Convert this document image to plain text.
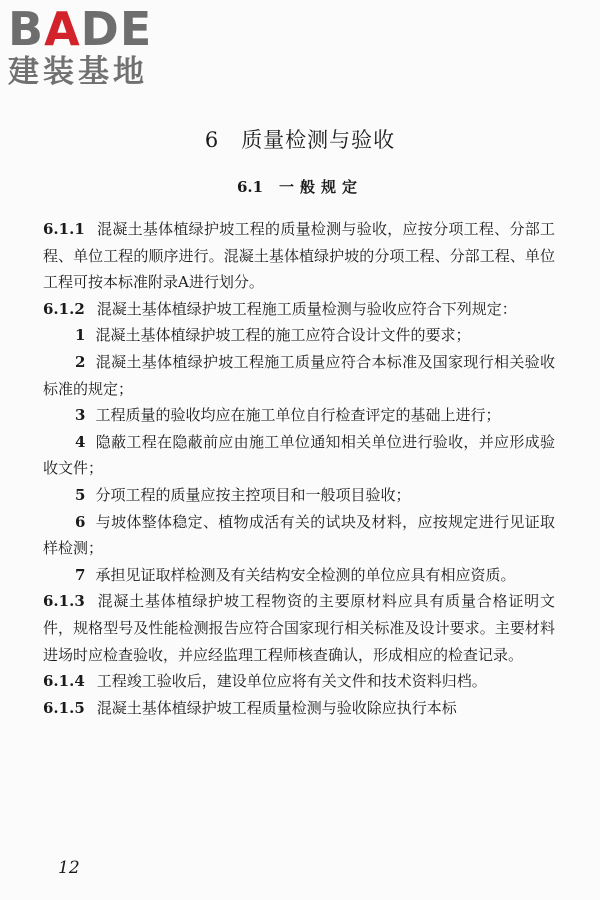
BADE
建装基地
6 质量检测与验收
6.1 一般规定

6.1.1 混凝土基体植绿护坡工程的质量检测与验收，应按分项工程、分部工程、单位工程的顺序进行。混凝土基体植绿护坡的分项工程、分部工程、单位工程可按本标准附录A进行划分。

6.1.2 混凝土基体植绿护坡工程施工质量检测与验收应符合下列规定：

1 混凝土基体植绿护坡工程的施工应符合设计文件的要求；

2 混凝土基体植绿护坡工程施工质量应符合本标准及国家现行相关验收标准的规定；

3 工程质量的验收均应在施工单位自行检查评定的基础上进行；

4 隐蔽工程在隐蔽前应由施工单位通知相关单位进行验收，并应形成验收文件；

5 分项工程的质量应按主控项目和一般项目验收；

6 与坡体整体稳定、植物成活有关的试块及材料，应按规定进行见证取样检测；

7 承担见证取样检测及有关结构安全检测的单位应具有相应资质。

6.1.3 混凝土基体植绿护坡工程物资的主要原材料应具有质量合格证明文件，规格型号及性能检测报告应符合国家现行相关标准及设计要求。主要材料进场时应检查验收，并应经监理工程师核查确认，形成相应的检查记录。

6.1.4 工程竣工验收后，建设单位应将有关文件和技术资料归档。

6.1.5 混凝土基体植绿护坡工程质量检测与验收除应执行本标

12
